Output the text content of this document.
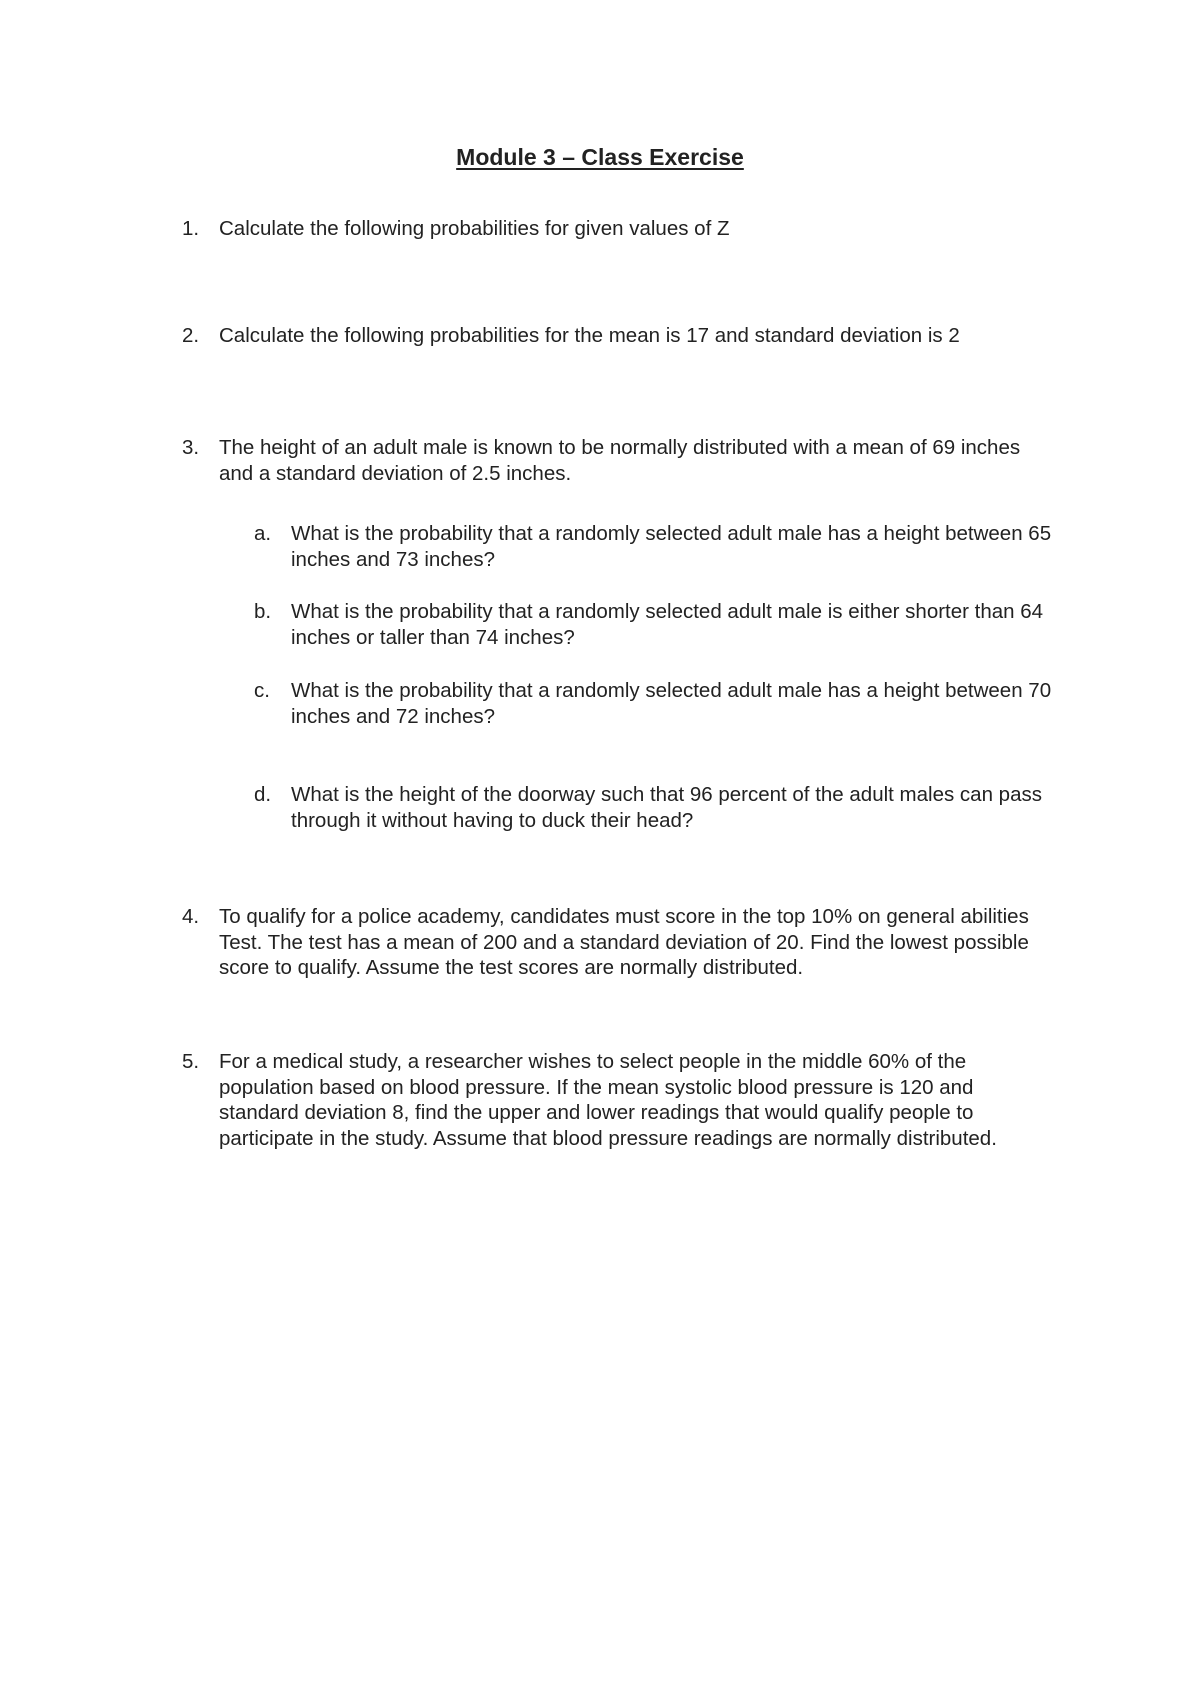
Module 3 – Class Exercise
1. Calculate the following probabilities for given values of Z
2. Calculate the following probabilities for the mean is 17 and standard deviation is 2
3. The height of an adult male is known to be normally distributed with a mean of 69 inches and a standard deviation of 2.5 inches.
a. What is the probability that a randomly selected adult male has a height between 65 inches and 73 inches?
b. What is the probability that a randomly selected adult male is either shorter than 64 inches or taller than 74 inches?
c.	What is the probability that a randomly selected adult male has a height between 70 inches and 72 inches?
d. What is the height of the doorway such that 96 percent of the adult males can pass through it without having to duck their head?
4. To qualify for a police academy, candidates must score in the top 10% on general abilities Test. The test has a mean of 200 and a standard deviation of 20. Find the lowest possible score to qualify. Assume the test scores are normally distributed.
5. For a medical study, a researcher wishes to select people in the middle 60% of the population based on blood pressure. If the mean systolic blood pressure is 120 and standard deviation 8, find the upper and lower readings that would qualify people to participate in the study. Assume that blood pressure readings are normally distributed.
